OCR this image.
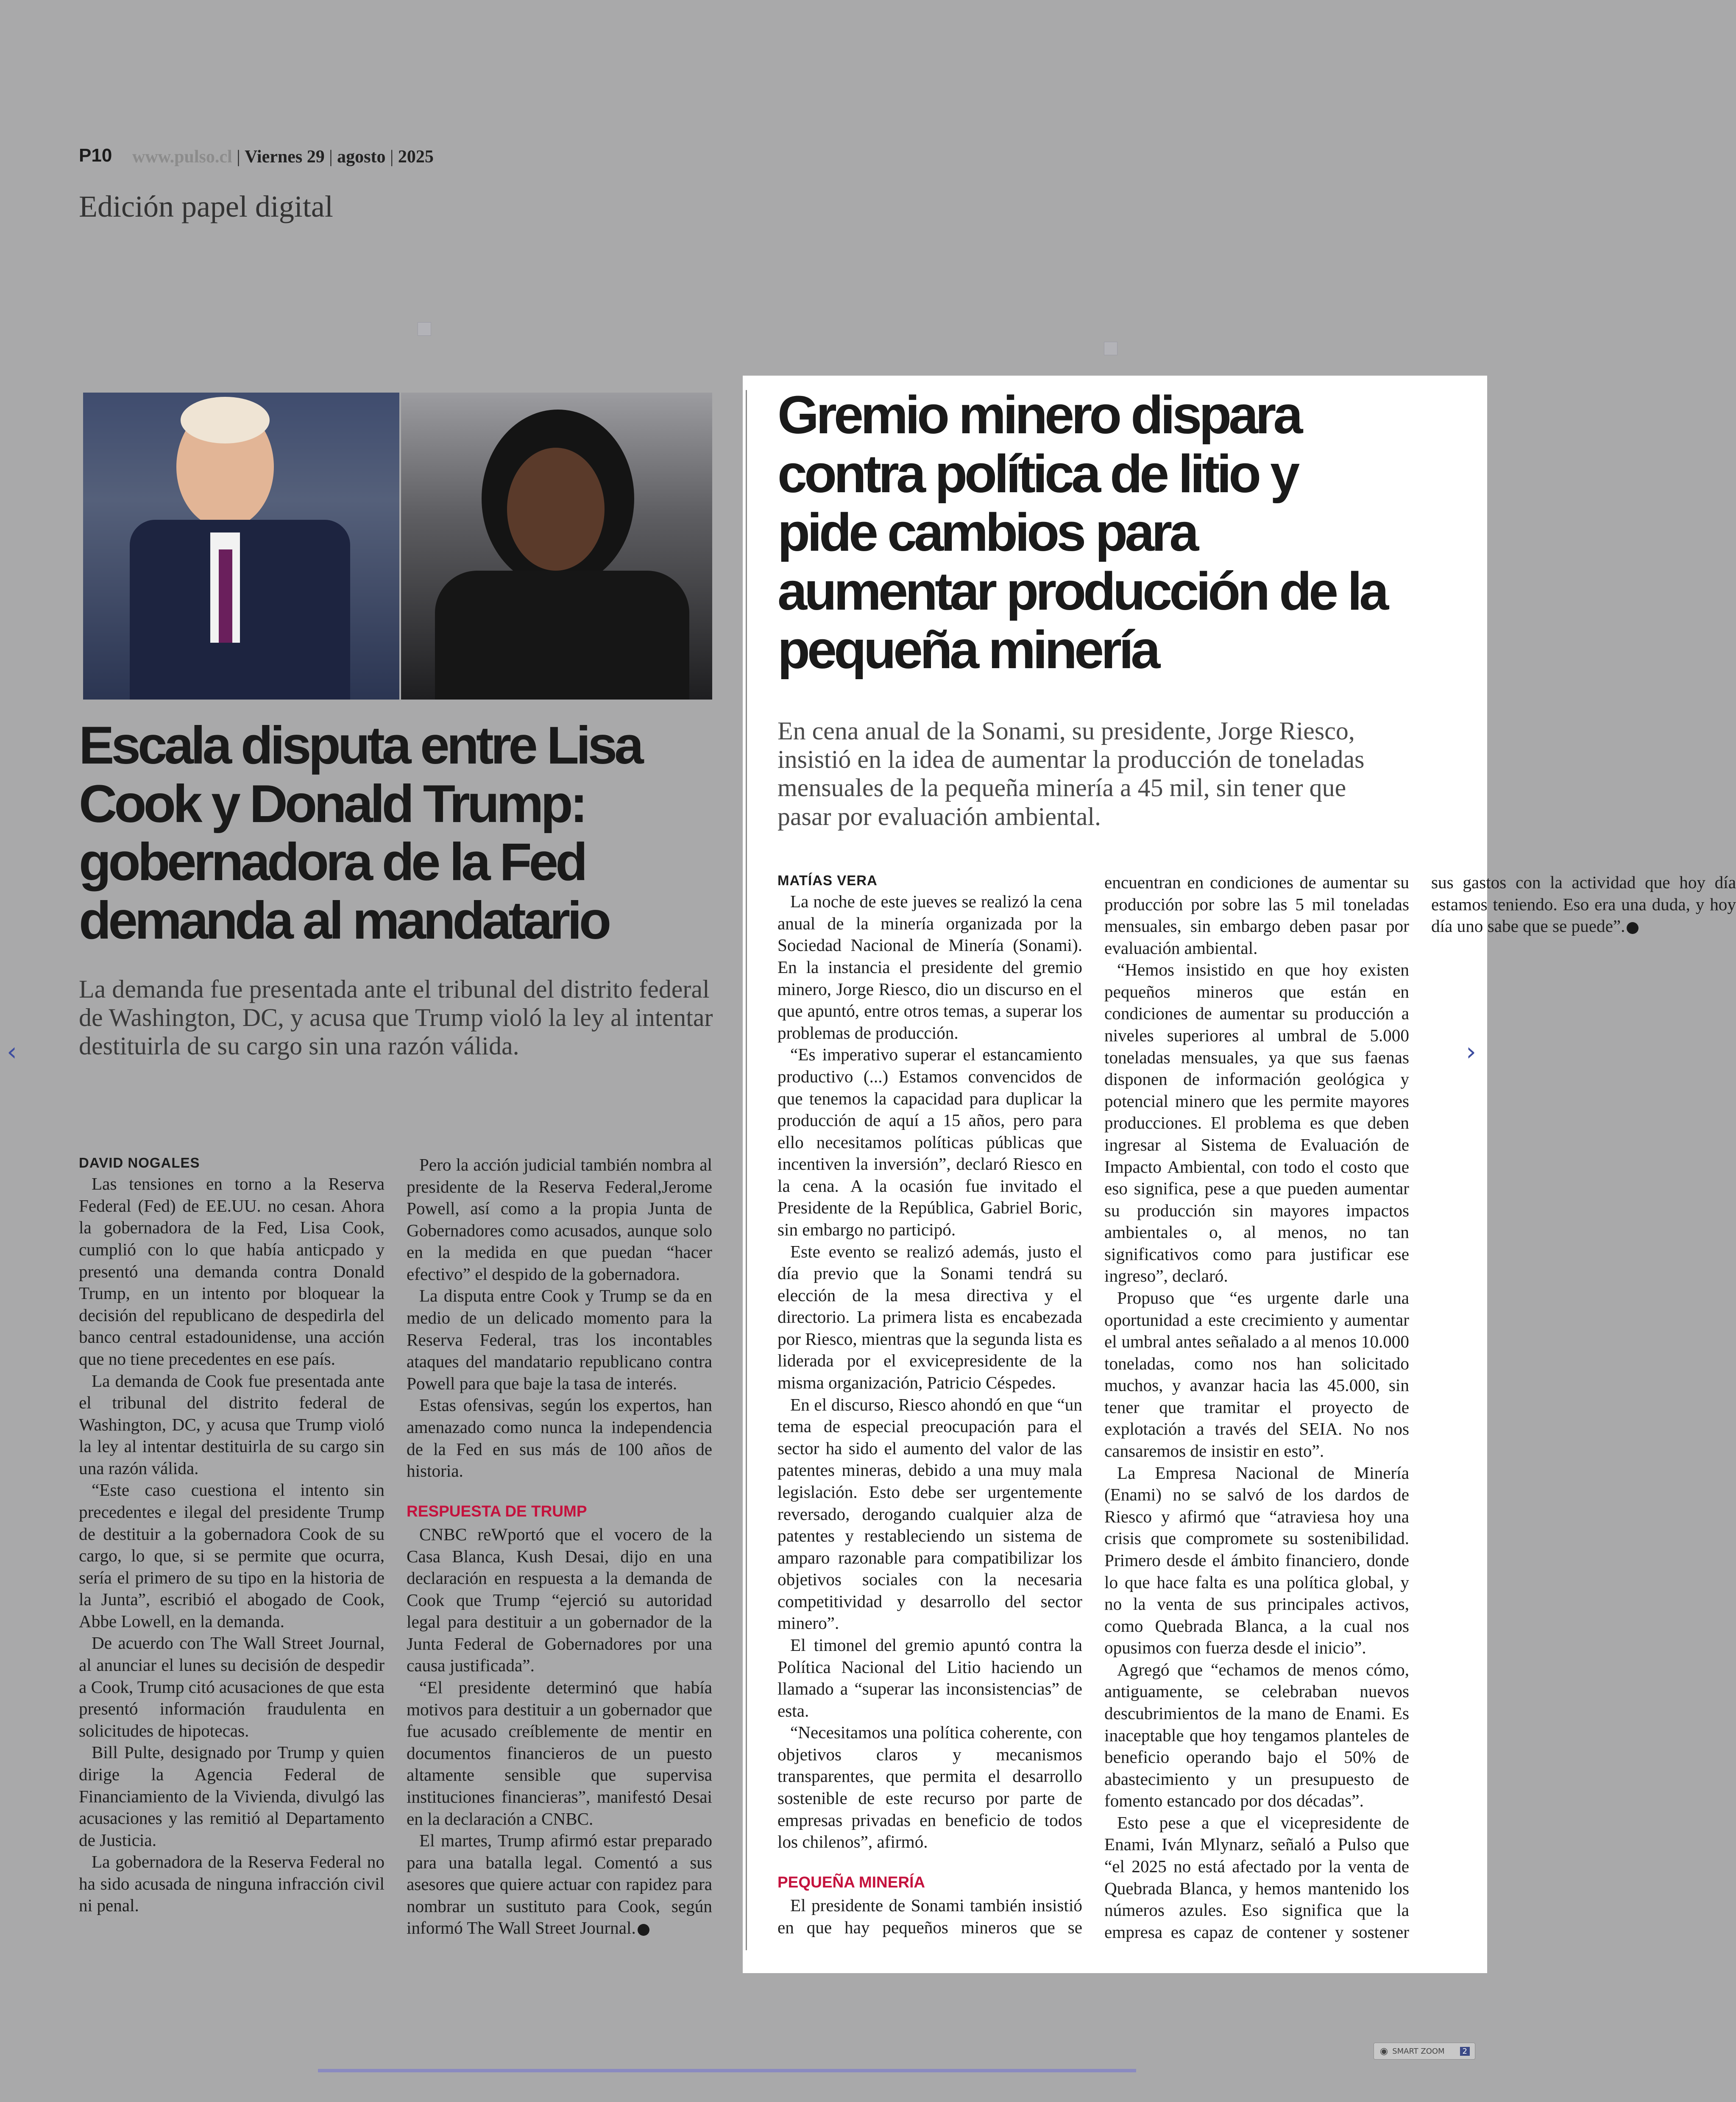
P10 www.pulso.cl | Viernes 29 | agosto | 2025
Edición papel digital
Escala disputa entre Lisa Cook y Donald Trump: gobernadora de la Fed demanda al mandatario

La demanda fue presentada ante el tribunal del distrito federal de Washington, DC, y acusa que Trump violó la ley al intentar destituirla de su cargo sin una razón válida.

DAVID NOGALES

Las tensiones en torno a la Reserva Federal (Fed) de EE.UU. no cesan. Ahora la gobernadora de la Fed, Lisa Cook, cumplió con lo que había anticpado y presentó una demanda contra Donald Trump, en un intento por bloquear la decisión del republicano de despedirla del banco central estadounidense, una acción que no tiene precedentes en ese país.

La demanda de Cook fue presentada ante el tribunal del distrito federal de Washington, DC, y acusa que Trump violó la ley al intentar destituirla de su cargo sin una razón válida.

“Este caso cuestiona el intento sin precedentes e ilegal del presidente Trump de destituir a la gobernadora Cook de su cargo, lo que, si se permite que ocurra, sería el primero de su tipo en la historia de la Junta”, escribió el abogado de Cook, Abbe Lowell, en la demanda.

De acuerdo con The Wall Street Journal, al anunciar el lunes su decisión de despedir a Cook, Trump citó acusaciones de que esta presentó información fraudulenta en solicitudes de hipotecas.

Bill Pulte, designado por Trump y quien dirige la Agencia Federal de Financiamiento de la Vivienda, divulgó las acusaciones y las remitió al Departamento de Justicia.

La gobernadora de la Reserva Federal no ha sido acusada de ninguna infracción civil ni penal.

Pero la acción judicial también nombra al presidente de la Reserva Federal,Jerome Powell, así como a la propia Junta de Gobernadores como acusados, aunque solo en la medida en que puedan “hacer efectivo” el despido de la gobernadora.

La disputa entre Cook y Trump se da en medio de un delicado momento para la Reserva Federal, tras los incontables ataques del mandatario republicano contra Powell para que baje la tasa de interés.

Estas ofensivas, según los expertos, han amenazado como nunca la independencia de la Fed en sus más de 100 años de historia.

RESPUESTA DE TRUMP

CNBC reWportó que el vocero de la Casa Blanca, Kush Desai, dijo en una declaración en respuesta a la demanda de Cook que Trump “ejerció su autoridad legal para destituir a un gobernador de la Junta Federal de Gobernadores por una causa justificada”.

“El presidente determinó que había motivos para destituir a un gobernador que fue acusado creíblemente de mentir en documentos financieros de un puesto altamente sensible que supervisa instituciones financieras”, manifestó Desai en la declaración a CNBC.

El martes, Trump afirmó estar preparado para una batalla legal. Comentó a sus asesores que quiere actuar con rapidez para nombrar un sustituto para Cook, según informó The Wall Street Journal.

Gremio minero dispara contra política de litio y pide cambios para aumentar producción de la pequeña minería

En cena anual de la Sonami, su presidente, Jorge Riesco, insistió en la idea de aumentar la producción de toneladas mensuales de la pequeña minería a 45 mil, sin tener que pasar por evaluación ambiental.

MATÍAS VERA

La noche de este jueves se realizó la cena anual de la minería organizada por la Sociedad Nacional de Minería (Sonami). En la instancia el presidente del gremio minero, Jorge Riesco, dio un discurso en el que apuntó, entre otros temas, a superar los problemas de producción.

“Es imperativo superar el estancamiento productivo (...) Estamos convencidos de que tenemos la capacidad para duplicar la producción de aquí a 15 años, pero para ello necesitamos políticas públicas que incentiven la inversión”, declaró Riesco en la cena. A la ocasión fue invitado el Presidente de la República, Gabriel Boric, sin embargo no participó.

Este evento se realizó además, justo el día previo que la Sonami tendrá su elección de la mesa directiva y el directorio. La primera lista es encabezada por Riesco, mientras que la segunda lista es liderada por el exvicepresidente de la misma organización, Patricio Céspedes.

En el discurso, Riesco ahondó en que “un tema de especial preocupación para el sector ha sido el aumento del valor de las patentes mineras, debido a una muy mala legislación. Esto debe ser urgentemente reversado, derogando cualquier alza de patentes y restableciendo un sistema de amparo razonable para compatibilizar los objetivos sociales con la necesaria competitividad y desarrollo del sector minero”.

El timonel del gremio apuntó contra la Política Nacional del Litio haciendo un llamado a “superar las inconsistencias” de esta.

“Necesitamos una política coherente, con objetivos claros y mecanismos transparentes, que permita el desarrollo sostenible de este recurso por parte de empresas privadas en beneficio de todos los chilenos”, afirmó.

PEQUEÑA MINERÍA

El presidente de Sonami también insistió en que hay pequeños mineros que se encuentran en condiciones de aumentar su producción por sobre las 5 mil toneladas mensuales, sin embargo deben pasar por evaluación ambiental.

“Hemos insistido en que hoy existen pequeños mineros que están en condiciones de aumentar su producción a niveles superiores al umbral de 5.000 toneladas mensuales, ya que sus faenas disponen de información geológica y potencial minero que les permite mayores producciones. El problema es que deben ingresar al Sistema de Evaluación de Impacto Ambiental, con todo el costo que eso significa, pese a que pueden aumentar su producción sin mayores impactos ambientales o, al menos, no tan significativos como para justificar ese ingreso”, declaró.

Propuso que “es urgente darle una oportunidad a este crecimiento y aumentar el umbral antes señalado a al menos 10.000 toneladas, como nos han solicitado muchos, y avanzar hacia las 45.000, sin tener que tramitar el proyecto de explotación a través del SEIA. No nos cansaremos de insistir en esto”.

La Empresa Nacional de Minería (Enami) no se salvó de los dardos de Riesco y afirmó que “atraviesa hoy una crisis que compromete su sostenibilidad. Primero desde el ámbito financiero, donde lo que hace falta es una política global, y no la venta de sus principales activos, como Quebrada Blanca, a la cual nos opusimos con fuerza desde el inicio”.

Agregó que “echamos de menos cómo, antiguamente, se celebraban nuevos descubrimientos de la mano de Enami. Es inaceptable que hoy tengamos planteles de beneficio operando bajo el 50% de abastecimiento y un presupuesto de fomento estancado por dos décadas”.

Esto pese a que el vicepresidente de Enami, Iván Mlynarz, señaló a Pulso que “el 2025 no está afectado por la venta de Quebrada Blanca, y hemos mantenido los números azules. Eso significa que la empresa es capaz de contener y sostener sus gastos con la actividad que hoy día estamos teniendo. Eso era una duda, y hoy día uno sabe que se puede”.

‹	›
◉ SMART ZOOM	2
